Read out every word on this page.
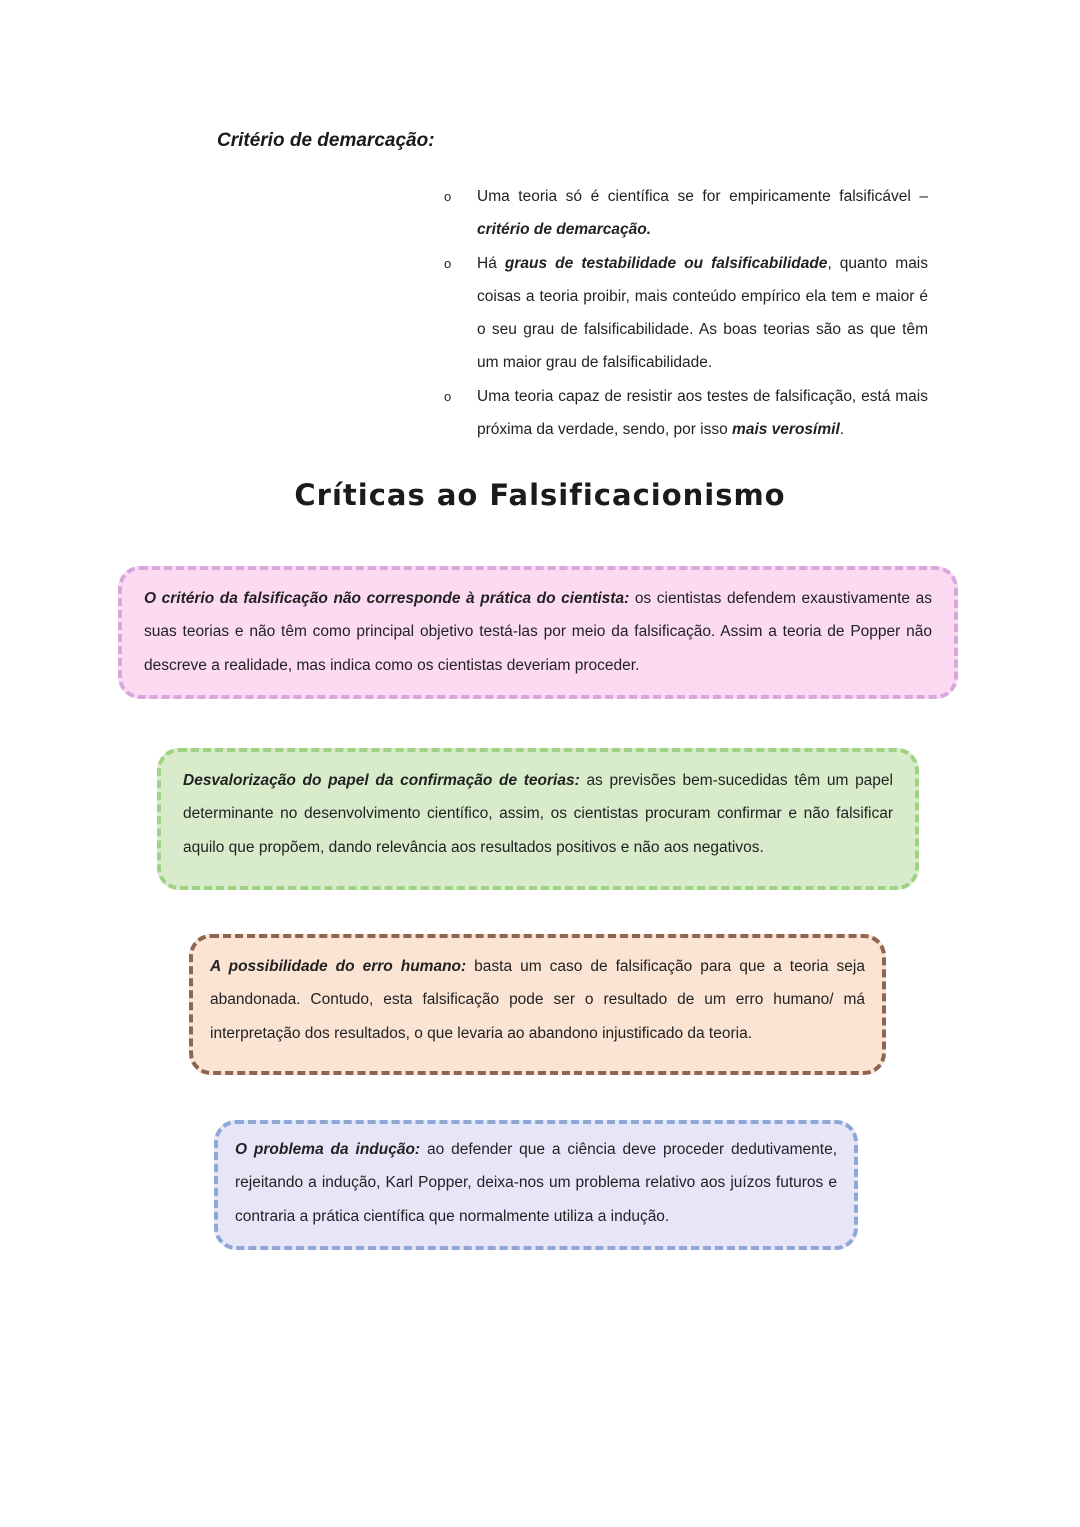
Critério de demarcação:
o Uma teoria só é científica se for empiricamente falsificável – critério de demarcação.
o Há graus de testabilidade ou falsificabilidade, quanto mais coisas a teoria proibir, mais conteúdo empírico ela tem e maior é o seu grau de falsificabilidade. As boas teorias são as que têm um maior grau de falsificabilidade.
o Uma teoria capaz de resistir aos testes de falsificação, está mais próxima da verdade, sendo, por isso mais verosímil.
Críticas ao Falsificacionismo

O critério da falsificação não corresponde à prática do cientista: os cientistas defendem exaustivamente as suas teorias e não têm como principal objetivo testá-las por meio da falsificação. Assim a teoria de Popper não descreve a realidade, mas indica como os cientistas deveriam proceder.

Desvalorização do papel da confirmação de teorias: as previsões bem-sucedidas têm um papel determinante no desenvolvimento científico, assim, os cientistas procuram confirmar e não falsificar aquilo que propõem, dando relevância aos resultados positivos e não aos negativos.

A possibilidade do erro humano: basta um caso de falsificação para que a teoria seja abandonada. Contudo, esta falsificação pode ser o resultado de um erro humano/ má interpretação dos resultados, o que levaria ao abandono injustificado da teoria.

O problema da indução: ao defender que a ciência deve proceder dedutivamente, rejeitando a indução, Karl Popper, deixa-nos um problema relativo aos juízos futuros e contraria a prática científica que normalmente utiliza a indução.
